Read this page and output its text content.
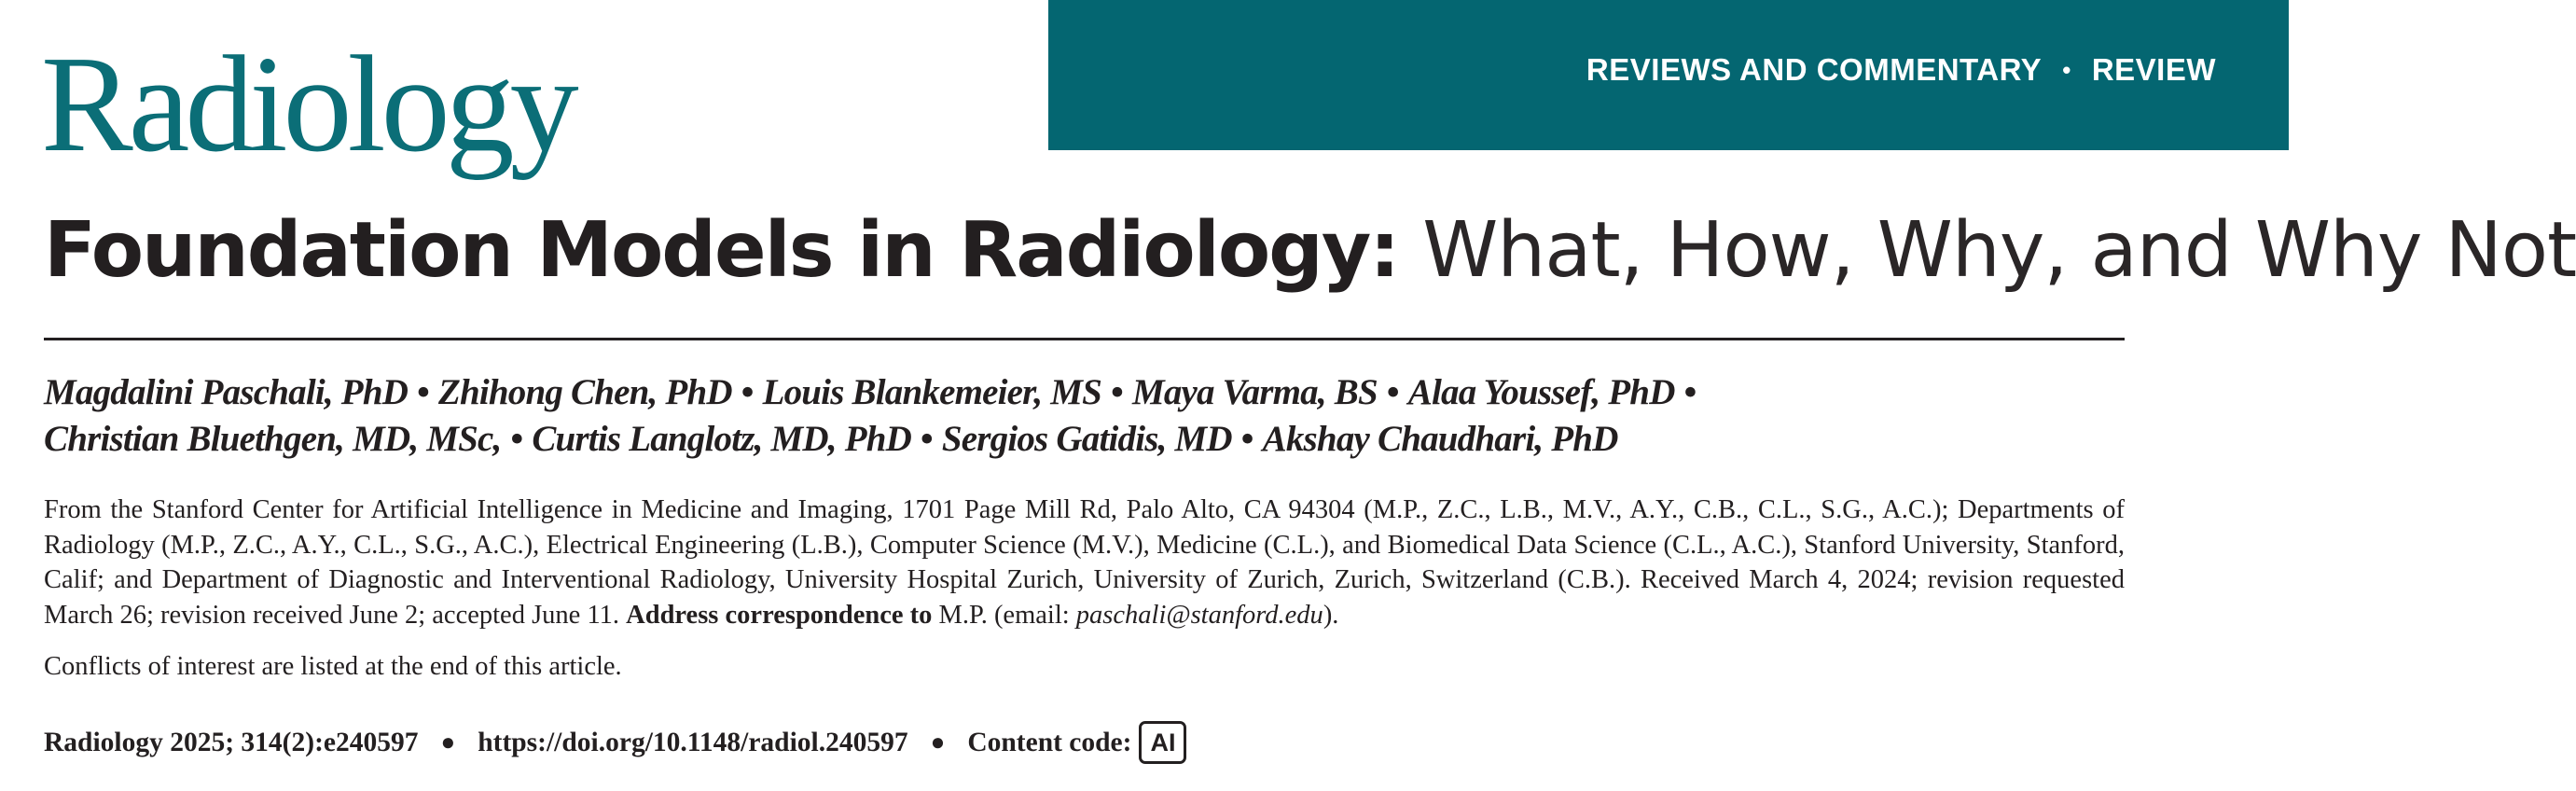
REVIEWS AND COMMENTARY • REVIEW
Radiology
Foundation Models in Radiology: What, How, Why, and Why Not
Magdalini Paschali, PhD • Zhihong Chen, PhD • Louis Blankemeier, MS • Maya Varma, BS • Alaa Youssef, PhD •
Christian Bluethgen, MD, MSc, • Curtis Langlotz, MD, PhD • Sergios Gatidis, MD • Akshay Chaudhari, PhD
From the Stanford Center for Artificial Intelligence in Medicine and Imaging, 1701 Page Mill Rd, Palo Alto, CA 94304 (M.P., Z.C., L.B., M.V., A.Y., C.B., C.L., S.G., A.C.); Departments of Radiology (M.P., Z.C., A.Y., C.L., S.G., A.C.), Electrical Engineering (L.B.), Computer Science (M.V.), Medicine (C.L.), and Biomedical Data Science (C.L., A.C.), Stanford University, Stanford, Calif; and Department of Diagnostic and Interventional Radiology, University Hospital Zurich, University of Zurich, Zurich, Switzerland (C.B.). Received March 4, 2024; revision requested March 26; revision received June 2; accepted June 11. Address correspondence to M.P. (email: paschali@stanford.edu).
Conflicts of interest are listed at the end of this article.
Radiology 2025; 314(2):e240597 ● https://doi.org/10.1148/radiol.240597 ● Content code: AI
